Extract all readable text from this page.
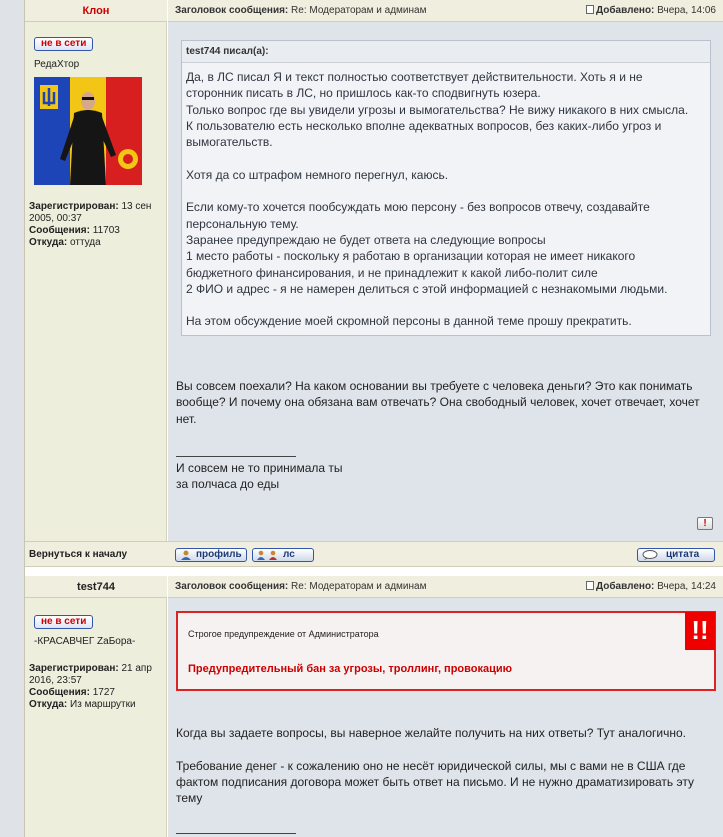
Клон
не в сети
РедаХтор
Зарегистрирован: 13 сен 2005, 00:37
Сообщения: 11703
Откуда: оттуда
Заголовок сообщения: Re: Модераторам и админам	Добавлено: Вчера, 14:06
test744 писал(а):
Да, в ЛС писал Я и текст полностью соответствует действительности. Хоть я и не
сторонник писать в ЛС, но пришлось как-то сподвигнуть юзера.
Только вопрос где вы увидели угрозы и вымогательства? Не вижу никакого в них смысла.
К пользователю есть несколько вполне адекватных вопросов, без каких-либо угроз и
вымогательств.

Хотя да со штрафом немного перегнул, каюсь.

Если кому-то хочется пообсуждать мою персону - без вопросов отвечу, создавайте
персональную тему.
Заранее предупреждаю не будет ответа на следующие вопросы
1 место работы - поскольку я работаю в организации которая не имеет никакого
бюджетного финансирования, и не принадлежит к какой либо-полит силе
2 ФИО и адрес - я не намерен делиться с этой информацией с незнакомыми людьми.

На этом обсуждение моей скромной персоны в данной теме прошу прекратить.
Вы совсем поехали? На каком основании вы требуете с человека деньги? Это как понимать
вообще? И почему она обязана вам отвечать? Она свободный человек, хочет отвечает, хочет
нет.
И совсем не то принимала ты
за полчаса до еды
!
Вернуться к началу	профиль	лс	цитата
test744
не в сети
-КРАСАВЧЕГ ZаБора-
Зарегистрирован: 21 апр 2016, 23:57
Сообщения: 1727
Откуда: Из маршрутки
Заголовок сообщения: Re: Модераторам и админам	Добавлено: Вчера, 14:24
Строгое предупреждение от Администратора	!!
Предупредительный бан за угрозы, троллинг, провокацию
Когда вы задаете вопросы, вы наверное желайте получить на них ответы? Тут аналогично.

Требование денег - к сожалению оно не несёт юридической силы, мы с вами не в США где
фактом подписания договора может быть ответ на письмо. И не нужно драматизировать эту
тему
